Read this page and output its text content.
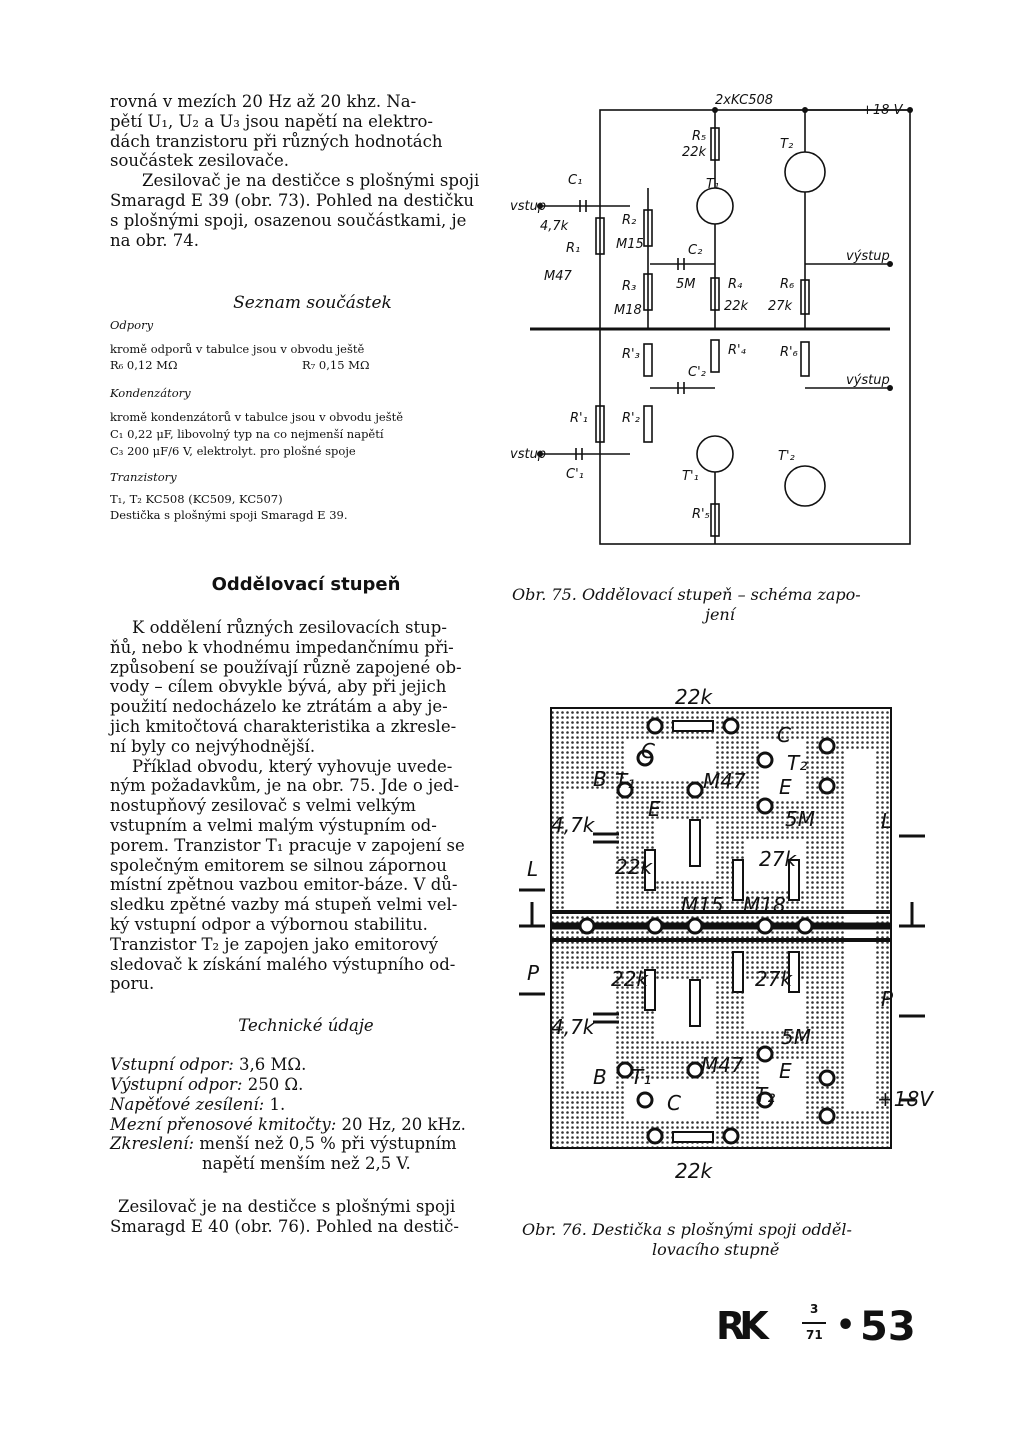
rovná v mezích 20 Hz až 20 khz. Na-

pětí U₁, U₂ a U₃ jsou napětí na elektro-

dách tranzistoru při různých hodnotách

součástek zesilovače.

Zesilovač je na destičce s plošnými spoji

Smaragd E 39 (obr. 73). Pohled na destičku

s plošnými spoji, osazenou součástkami, je

na obr. 74.

Seznam součástek

Odpory

kromě odporů v tabulce jsou v obvodu ještě

R₆ 0,12 MΩ	R₇ 0,15 MΩ

Kondenzátory

kromě kondenzátorů v tabulce jsou v obvodu ještě

C₁ 0,22 μF, libovolný typ na co nejmenší napětí

C₃ 200 μF/6 V, elektrolyt. pro plošné spoje

Tranzistory

T₁, T₂ KC508 (KC509, KC507)

Destička s plošnými spoji Smaragd E 39.

Oddělovací stupeň

K oddělení různých zesilovacích stup-

ňů, nebo k vhodnému impedančnímu při-

způsobení se používají různě zapojené ob-

vody – cílem obvykle bývá, aby při jejich

použití nedocházelo ke ztrátám a aby je-

jich kmitočtová charakteristika a zkresle-

ní byly co nejvýhodnější.

Příklad obvodu, který vyhovuje uvede-

ným požadavkům, je na obr. 75. Jde o jed-

nostupňový zesilovač s velmi velkým

vstupním a velmi malým výstupním od-

porem. Tranzistor T₁ pracuje v zapojení se

společným emitorem se silnou zápornou

místní zpětnou vazbou emitor-báze. V dů-

sledku zpětné vazby má stupeň velmi vel-

ký vstupní odpor a výbornou stabilitu.

Tranzistor T₂ je zapojen jako emitorový

sledovač k získání malého výstupního od-

poru.

Technické údaje

Vstupní odpor: 3,6 MΩ.

Výstupní odpor: 250 Ω.

Napěťové zesílení: 1.

Mezní přenosové kmitočty: 20 Hz, 20 kHz.

Zkreslení: menší než 0,5 % při výstupním

napětí menším než 2,5 V.

Zesilovač je na destičce s plošnými spoji

Smaragd E 40 (obr. 76). Pohled na destič-

2xKC508
+18 V
vstup
vstup
výstup
výstup
C₁
4,7k
R₁
M47
R₂
M15
R₃
M18
R₅
22k
T₁
T₂
C₂
5M	R₄
22k
R₆
27k
R'₃	R'₄	R'₆
C'₂
R'₁	R'₂
C'₁	T'₁
T'₂
R'₅

Obr. 75. Oddělovací stupeň – schéma zapo-

jení

22k
22k
L
L
P
P
+18V
C
C
C
B
B
E
E
E
T₁
T₁
T₂
T₂
M47
M47
M15 M18
4,7k
4,7k
22k
22k
27k
27k
5M
5M

Obr. 76. Destička s plošnými spoji odděl-

lovacího stupně

RK	3
71 • 53
